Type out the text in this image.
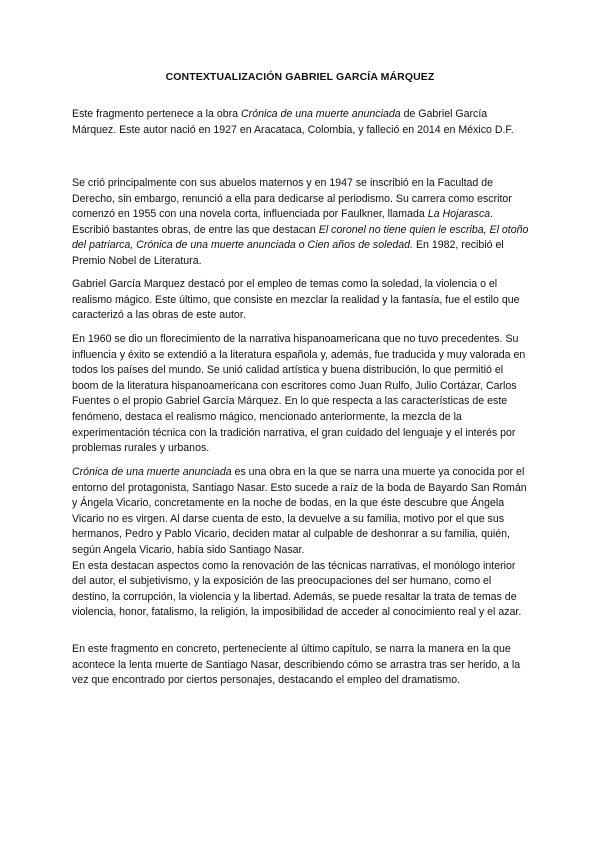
CONTEXTUALIZACIÓN GABRIEL GARCÍA MÁRQUEZ

Este fragmento pertenece a la obra Crónica de una muerte anunciada de Gabriel García Márquez. Este autor nació en 1927 en Aracataca, Colombia, y falleció en 2014 en México D.F.

Se crió principalmente con sus abuelos maternos y en 1947 se inscribió en la Facultad de Derecho, sin embargo, renunció a ella para dedicarse al periodismo. Su carrera como escritor comenzó en 1955 con una novela corta, influenciada por Faulkner, llamada La Hojarasca. Escribió bastantes obras, de entre las que destacan El coronel no tiene quien le escriba, El otoño del patriarca, Crónica de una muerte anunciada o Cien años de soledad. En 1982, recibió el Premio Nobel de Literatura.

Gabriel García Marquez destacó por el empleo de temas como la soledad, la violencia o el realismo mágico. Este último, que consiste en mezclar la realidad y la fantasía, fue el estilo que caracterizó a las obras de este autor.

En 1960 se dio un florecimiento de la narrativa hispanoamericana que no tuvo precedentes. Su influencia y éxito se extendió a la literatura española y, además, fue traducida y muy valorada en todos los países del mundo. Se unió calidad artística y buena distribución, lo que permitió el boom de la literatura hispanoamericana con escritores como Juan Rulfo, Julio Cortázar, Carlos Fuentes o el propio Gabriel García Márquez. En lo que respecta a las características de este fenómeno, destaca el realismo mágico, mencionado anteriormente, la mezcla de la experimentación técnica con la tradición narrativa, el gran cuidado del lenguaje y el interés por problemas rurales y urbanos.

Crónica de una muerte anunciada es una obra en la que se narra una muerte ya conocida por el entorno del protagonista, Santiago Nasar. Esto sucede a raíz de la boda de Bayardo San Román y Ángela Vicario, concretamente en la noche de bodas, en la que éste descubre que Ángela Vicario no es virgen. Al darse cuenta de esto, la devuelve a su familia, motivo por el que sus hermanos, Pedro y Pablo Vicario, deciden matar al culpable de deshonrar a su familia, quién, según Angela Vicario, había sido Santiago Nasar.
En esta destacan aspectos como la renovación de las técnicas narrativas, el monólogo interior del autor, el subjetivismo, y la exposición de las preocupaciones del ser humano, como el destino, la corrupción, la violencia y la libertad. Además, se puede resaltar la trata de temas de violencia, honor, fatalismo, la religión, la imposibilidad de acceder al conocimiento real y el azar.

En este fragmento en concreto, perteneciente al último capítulo, se narra la manera en la que acontece la lenta muerte de Santiago Nasar, describiendo cómo se arrastra tras ser herido, a la vez que encontrado por ciertos personajes, destacando el empleo del dramatismo.
